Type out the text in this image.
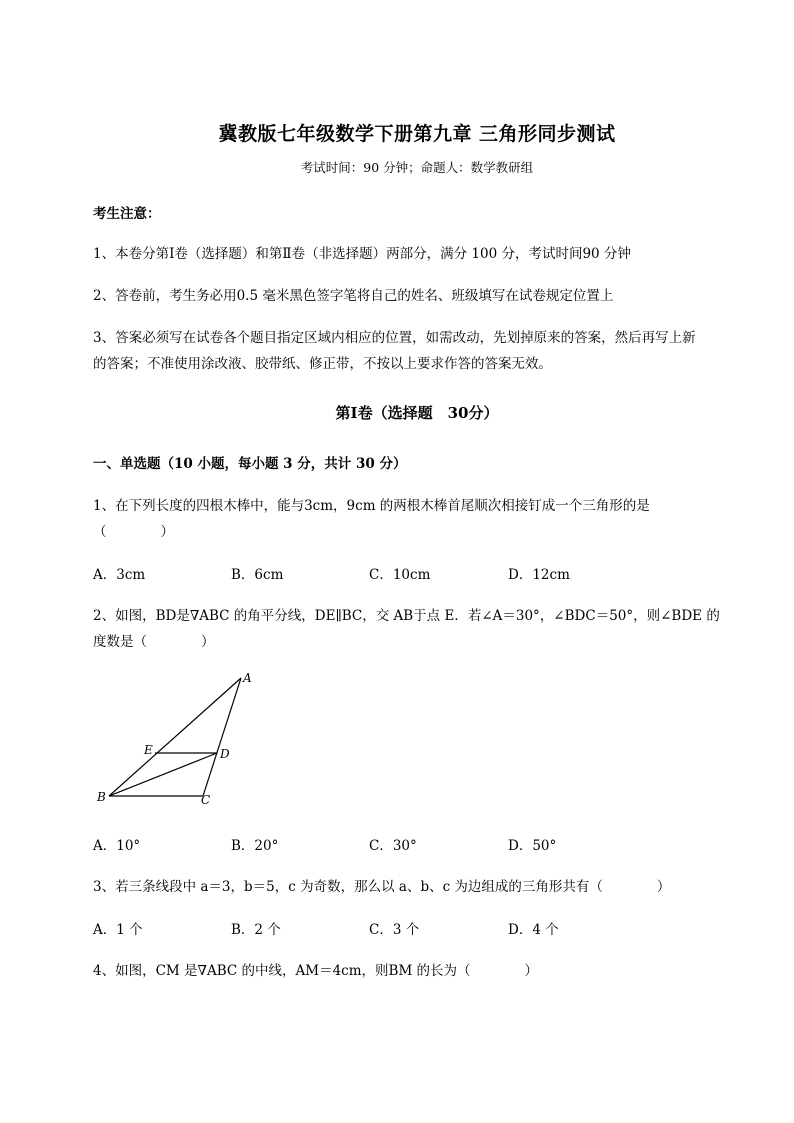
冀教版七年级数学下册第九章 三角形同步测试
考试时间：90 分钟；命题人：数学教研组
考生注意：
1、本卷分第Ⅰ卷（选择题）和第Ⅱ卷（非选择题）两部分，满分 100 分，考试时间90 分钟
2、答卷前，考生务必用0.5 毫米黑色签字笔将自己的姓名、班级填写在试卷规定位置上
3、答案必须写在试卷各个题目指定区域内相应的位置，如需改动，先划掉原来的答案，然后再写上新
的答案；不准使用涂改液、胶带纸、修正带，不按以上要求作答的答案无效。
第Ⅰ卷（选择题　30分）
一、单选题（10 小题，每小题 3 分，共计 30 分）
1、在下列长度的四根木棒中，能与3cm，9cm 的两根木棒首尾顺次相接钉成一个三角形的是
（　　　　）
A．3cm	B．6cm	C．10cm	D．12cm
2、如图，BD是∇ABC 的角平分线，DE∥BC，交 AB于点 E．若∠A＝30°，∠BDC＝50°，则∠BDE 的
度数是（　　　　）
A
B	C
D
E
A．10°	B．20°	C．30°	D．50°
3、若三条线段中 a＝3，b＝5，c 为奇数，那么以 a、b、c 为边组成的三角形共有（　　　　）
A．1 个	B．2 个	C．3 个	D．4 个
4、如图，CM 是∇ABC 的中线，AM＝4cm，则BM 的长为（　　　　）
